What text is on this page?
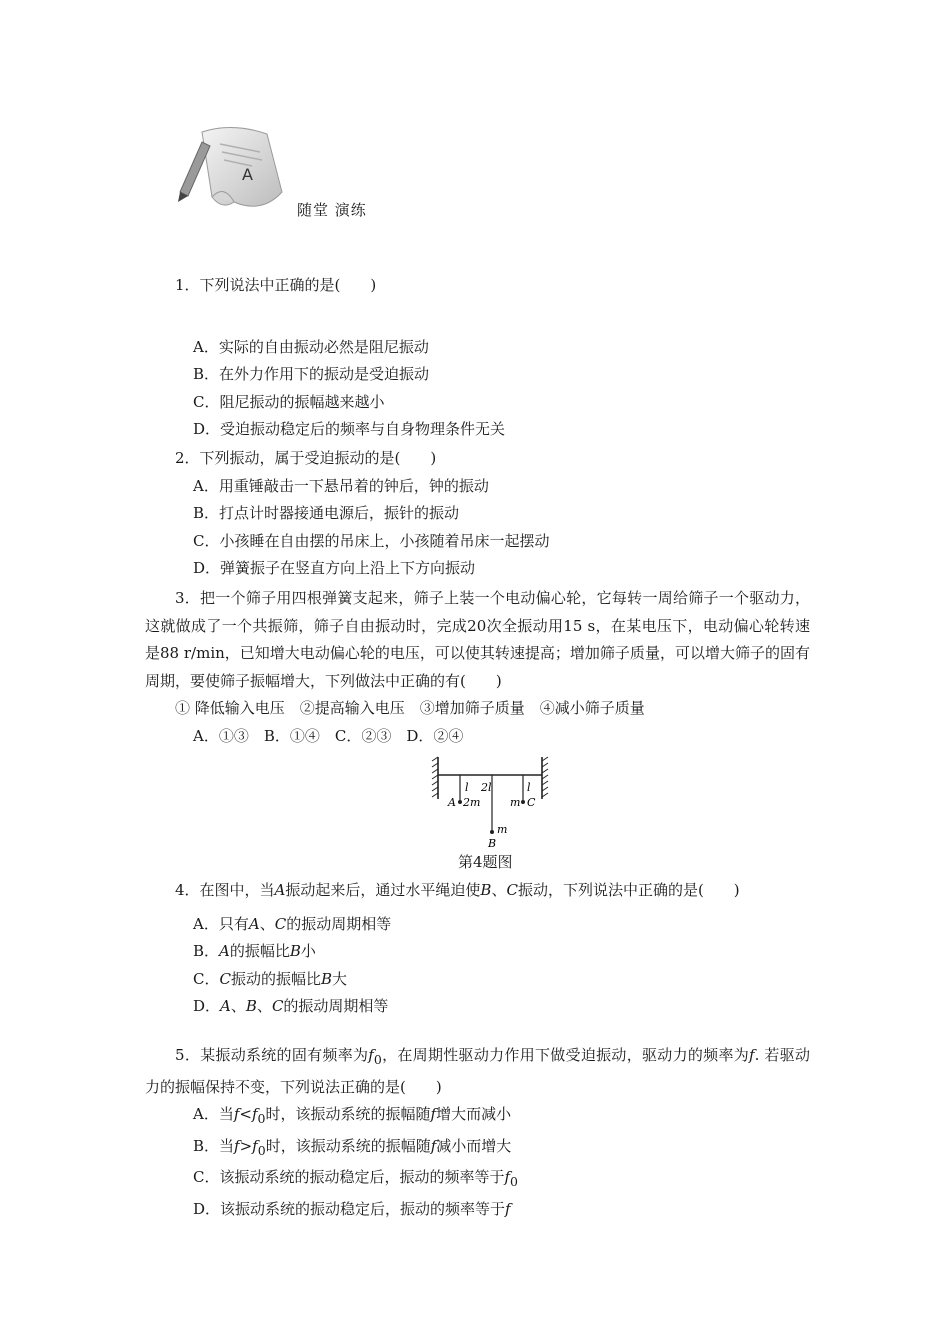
A
随堂 演练
1．下列说法中正确的是(　　)
A．实际的自由振动必然是阻尼振动
B．在外力作用下的振动是受迫振动
C．阻尼振动的振幅越来越小
D．受迫振动稳定后的频率与自身物理条件无关
2．下列振动，属于受迫振动的是(　　)
A．用重锤敲击一下悬吊着的钟后，钟的振动
B．打点计时器接通电源后，振针的振动
C．小孩睡在自由摆的吊床上，小孩随着吊床一起摆动
D．弹簧振子在竖直方向上沿上下方向振动
3．把一个筛子用四根弹簧支起来，筛子上装一个电动偏心轮，它每转一周给筛子一个驱动力，这就做成了一个共振筛，筛子自由振动时，完成20次全振动用15 s，在某电压下，电动偏心轮转速是88 r/min，已知增大电动偏心轮的电压，可以使其转速提高；增加筛子质量，可以增大筛子的固有周期，要使筛子振幅增大，下列做法中正确的有(　　)
① 降低输入电压　②提高输入电压　③增加筛子质量　④减小筛子质量
A．①③　B．①④　C．②③　D．②④
l 2l	l
A 2m	m C
m
B
第4题图
4．在图中，当A振动起来后，通过水平绳迫使B、C振动，下列说法中正确的是(　　)
A．只有A、C的振动周期相等
B．A的振幅比B小
C．C振动的振幅比B大
D．A、B、C的振动周期相等
5．某振动系统的固有频率为$f_0$，在周期性驱动力作用下做受迫振动，驱动力的频率为f. 若驱动力的振幅保持不变，下列说法正确的是(　　)
A．当$f<f_0$时，该振动系统的振幅随f增大而减小
B．当$f>f_0$时，该振动系统的振幅随f减小而增大
C．该振动系统的振动稳定后，振动的频率等于$f_0$
D．该振动系统的振动稳定后，振动的频率等于f
